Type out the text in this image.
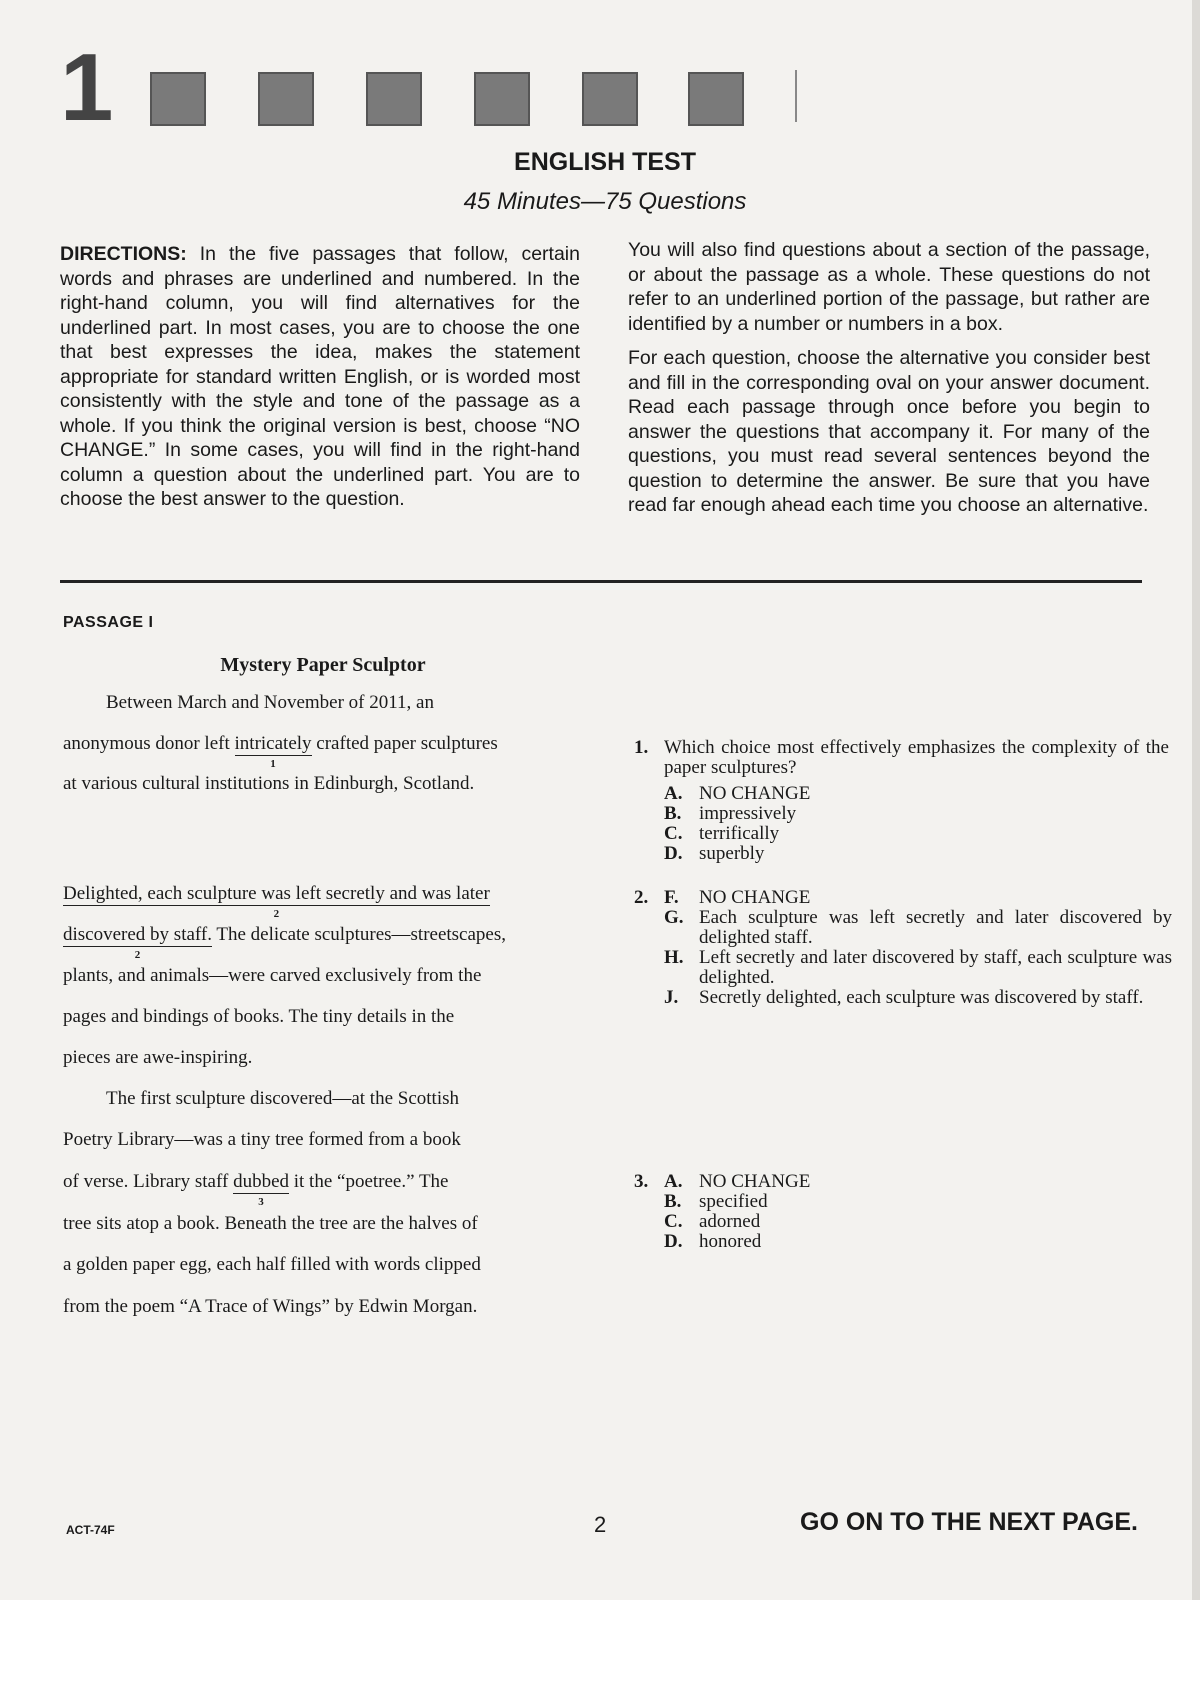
1
ENGLISH TEST
45 Minutes—75 Questions
DIRECTIONS: In the five passages that follow, certain words and phrases are underlined and numbered. In the right-hand column, you will find alternatives for the underlined part. In most cases, you are to choose the one that best expresses the idea, makes the statement appropriate for standard written English, or is worded most consistently with the style and tone of the passage as a whole. If you think the original version is best, choose “NO CHANGE.” In some cases, you will find in the right-hand column a question about the underlined part. You are to choose the best answer to the question.

You will also find questions about a section of the passage, or about the passage as a whole. These questions do not refer to an underlined portion of the passage, but rather are identified by a number or numbers in a box.

For each question, choose the alternative you consider best and fill in the corresponding oval on your answer document. Read each passage through once before you begin to answer the questions that accompany it. For many of the questions, you must read several sentences beyond the question to determine the answer. Be sure that you have read far enough ahead each time you choose an alternative.

PASSAGE I
Mystery Paper Sculptor
Between March and November of 2011, an
anonymous donor left intricately
1
crafted paper sculptures
at various cultural institutions in Edinburgh, Scotland.
Delighted, each sculpture was left secretly and was later
2
discovered by staff.
2
The delicate sculptures—streetscapes,
plants, and animals—were carved exclusively from the
pages and bindings of books. The tiny details in the
pieces are awe-inspiring.
The first sculpture discovered—at the Scottish
Poetry Library—was a tiny tree formed from a book
of verse. Library staff dubbed
3
it the “poetree.” The
tree sits atop a book. Beneath the tree are the halves of
a golden paper egg, each half filled with words clipped
from the poem “A Trace of Wings” by Edwin Morgan.
1. Which choice most effectively emphasizes the complexity of the paper sculptures?
A. NO CHANGE
B. impressively
C. terrifically
D. superbly
2. F. NO CHANGE
G. Each sculpture was left secretly and later discovered by delighted staff.
H. Left secretly and later discovered by staff, each sculpture was delighted.
J. Secretly delighted, each sculpture was discovered by staff.
3. A. NO CHANGE
B. specified
C. adorned
D. honored
ACT-74F	2	GO ON TO THE NEXT PAGE.
